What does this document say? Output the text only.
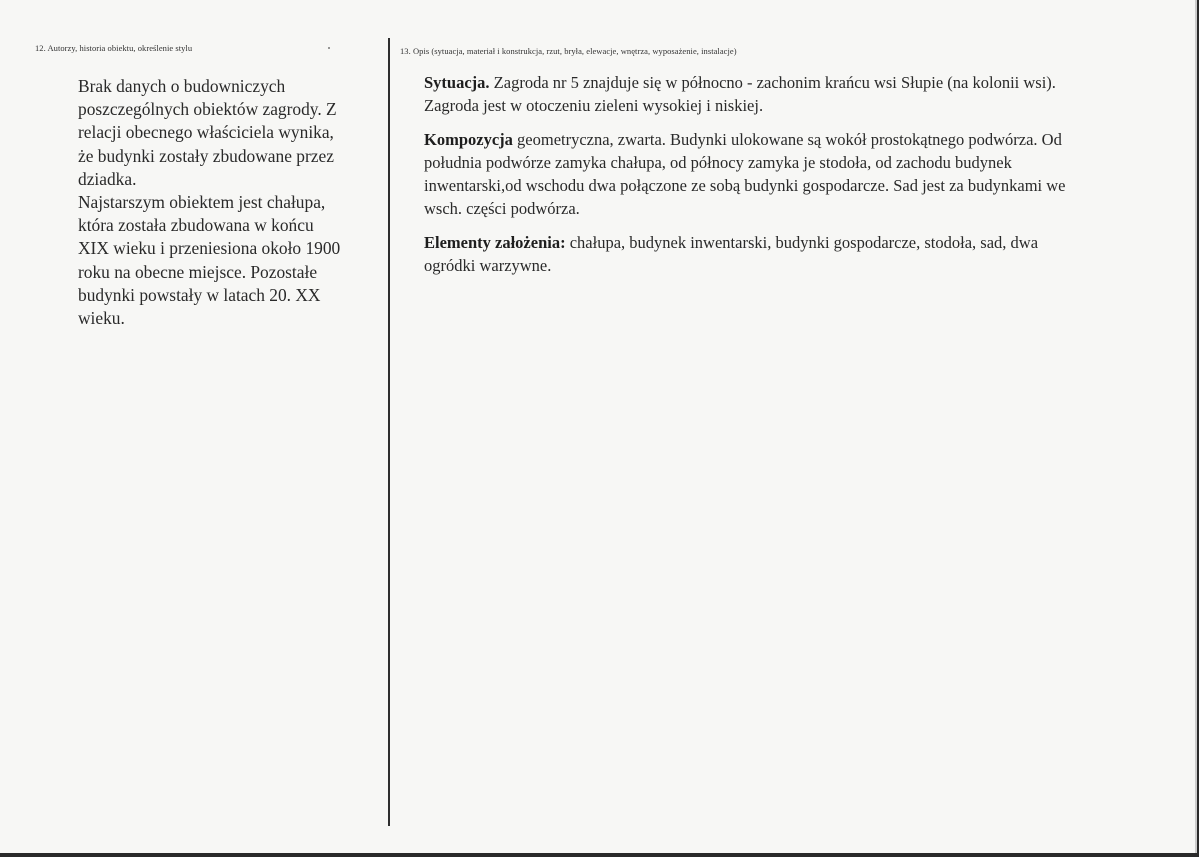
12. Autorzy, historia obiektu, określenie stylu	13. Opis (sytuacja, materiał i konstrukcja, rzut, bryła, elewacje, wnętrza, wyposażenie, instalacje)

Brak danych o budowniczych

poszczególnych obiektów zagrody. Z

relacji obecnego właściciela wynika,

że budynki zostały zbudowane przez

dziadka.

Najstarszym obiektem jest chałupa,

która została zbudowana w końcu

XIX wieku i przeniesiona około 1900

roku na obecne miejsce. Pozostałe

budynki powstały w latach 20. XX

wieku.

Sytuacja. Zagroda nr 5 znajduje się w północno - zachonim krańcu wsi Słupie (na kolonii wsi).
Zagroda jest w otoczeniu zieleni wysokiej i niskiej.
Kompozycja geometryczna, zwarta. Budynki ulokowane są wokół prostokątnego podwórza. Od
południa podwórze zamyka chałupa, od północy zamyka je stodoła, od zachodu budynek
inwentarski,od wschodu dwa połączone ze sobą budynki gospodarcze. Sad jest za budynkami we
wsch. części podwórza.
Elementy założenia: chałupa, budynek inwentarski, budynki gospodarcze, stodoła, sad, dwa
ogródki warzywne.
